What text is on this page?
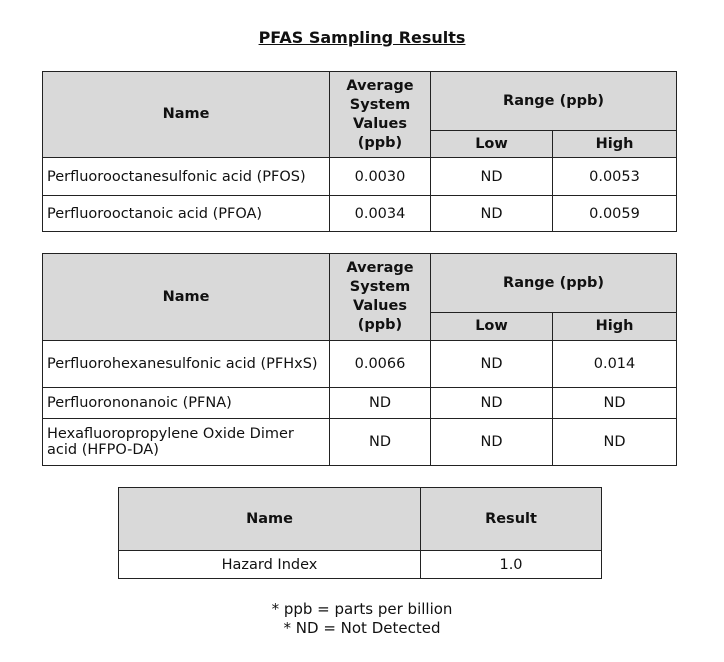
PFAS Sampling Results
Name	Average System Values (ppb)	Range (ppb)	
		Low	High
Perfluorooctanesulfonic acid (PFOS)	0.0030	ND	0.0053
Perfluorooctanoic acid (PFOA)	0.0034	ND	0.0059
Name	Average System Values (ppb)	Range (ppb)	
		Low	High
Perfluorohexanesulfonic acid (PFHxS)	0.0066	ND	0.014
Perfluorononanoic (PFNA)	ND	ND	ND
Hexafluoropropylene Oxide Dimer acid (HFPO-DA)	ND	ND	ND
Name	Result
Hazard Index	1.0
* ppb = parts per billion
* ND = Not Detected
